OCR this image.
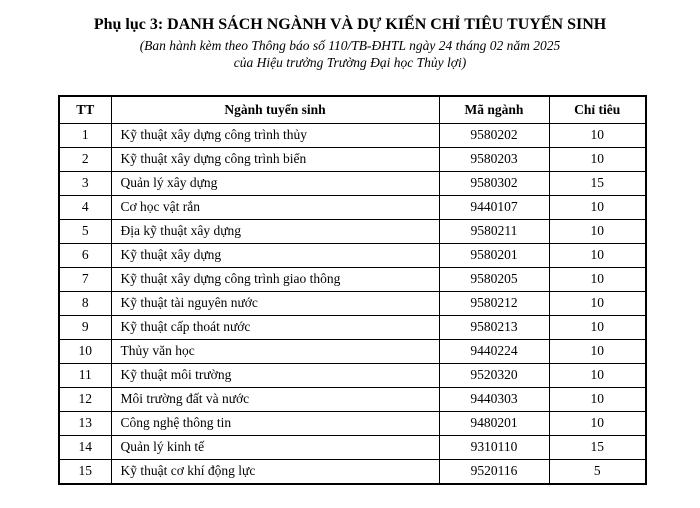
Phụ lục 3: DANH SÁCH NGÀNH VÀ DỰ KIẾN CHỈ TIÊU TUYỂN SINH
(Ban hành kèm theo Thông báo số 110/TB-ĐHTL ngày 24 tháng 02 năm 2025
của Hiệu trưởng Trường Đại học Thủy lợi)
TT	Ngành tuyển sinh	Mã ngành	Chỉ tiêu
1	Kỹ thuật xây dựng công trình thủy	9580202	10
2	Kỹ thuật xây dựng công trình biển	9580203	10
3	Quản lý xây dựng	9580302	15
4	Cơ học vật rắn	9440107	10
5	Địa kỹ thuật xây dựng	9580211	10
6	Kỹ thuật xây dựng	9580201	10
7	Kỹ thuật xây dựng công trình giao thông	9580205	10
8	Kỹ thuật tài nguyên nước	9580212	10
9	Kỹ thuật cấp thoát nước	9580213	10
10	Thủy văn học	9440224	10
11	Kỹ thuật môi trường	9520320	10
12	Môi trường đất và nước	9440303	10
13	Công nghệ thông tin	9480201	10
14	Quản lý kinh tế	9310110	15
15	Kỹ thuật cơ khí động lực	9520116	5
